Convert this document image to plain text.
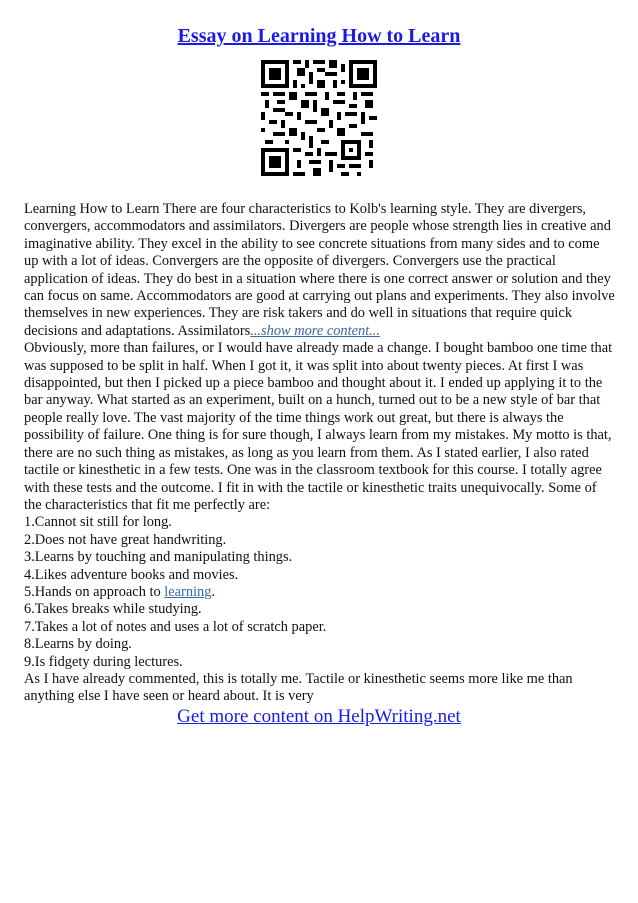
Essay on Learning How to Learn

Learning How to Learn There are four characteristics to Kolb's learning style. They are divergers, convergers, accommodators and assimilators. Divergers are people whose strength lies in creative and imaginative ability. They excel in the ability to see concrete situations from many sides and to come up with a lot of ideas. Convergers are the opposite of divergers. Convergers use the practical application of ideas. They do best in a situation where there is one correct answer or solution and they can focus on same. Accommodators are good at carrying out plans and experiments. They also involve themselves in new experiences. They are risk takers and do well in situations that require quick decisions and adaptations. Assimilators...show more content...

Obviously, more than failures, or I would have already made a change. I bought bamboo one time that was supposed to be split in half. When I got it, it was split into about twenty pieces. At first I was disappointed, but then I picked up a piece bamboo and thought about it. I ended up applying it to the bar anyway. What started as an experiment, built on a hunch, turned out to be a new style of bar that people really love. The vast majority of the time things work out great, but there is always the possibility of failure. One thing is for sure though, I always learn from my mistakes. My motto is that, there are no such thing as mistakes, as long as you learn from them. As I stated earlier, I also rated tactile or kinesthetic in a few tests. One was in the classroom textbook for this course. I totally agree with these tests and the outcome. I fit in with the tactile or kinesthetic traits unequivocally. Some of the characteristics that fit me perfectly are:

1.Cannot sit still for long.

2.Does not have great handwriting.

3.Learns by touching and manipulating things.

4.Likes adventure books and movies.

5.Hands on approach to learning.

6.Takes breaks while studying.

7.Takes a lot of notes and uses a lot of scratch paper.

8.Learns by doing.

9.Is fidgety during lectures.

As I have already commented, this is totally me. Tactile or kinesthetic seems more like me than anything else I have seen or heard about. It is very

Get more content on HelpWriting.net
